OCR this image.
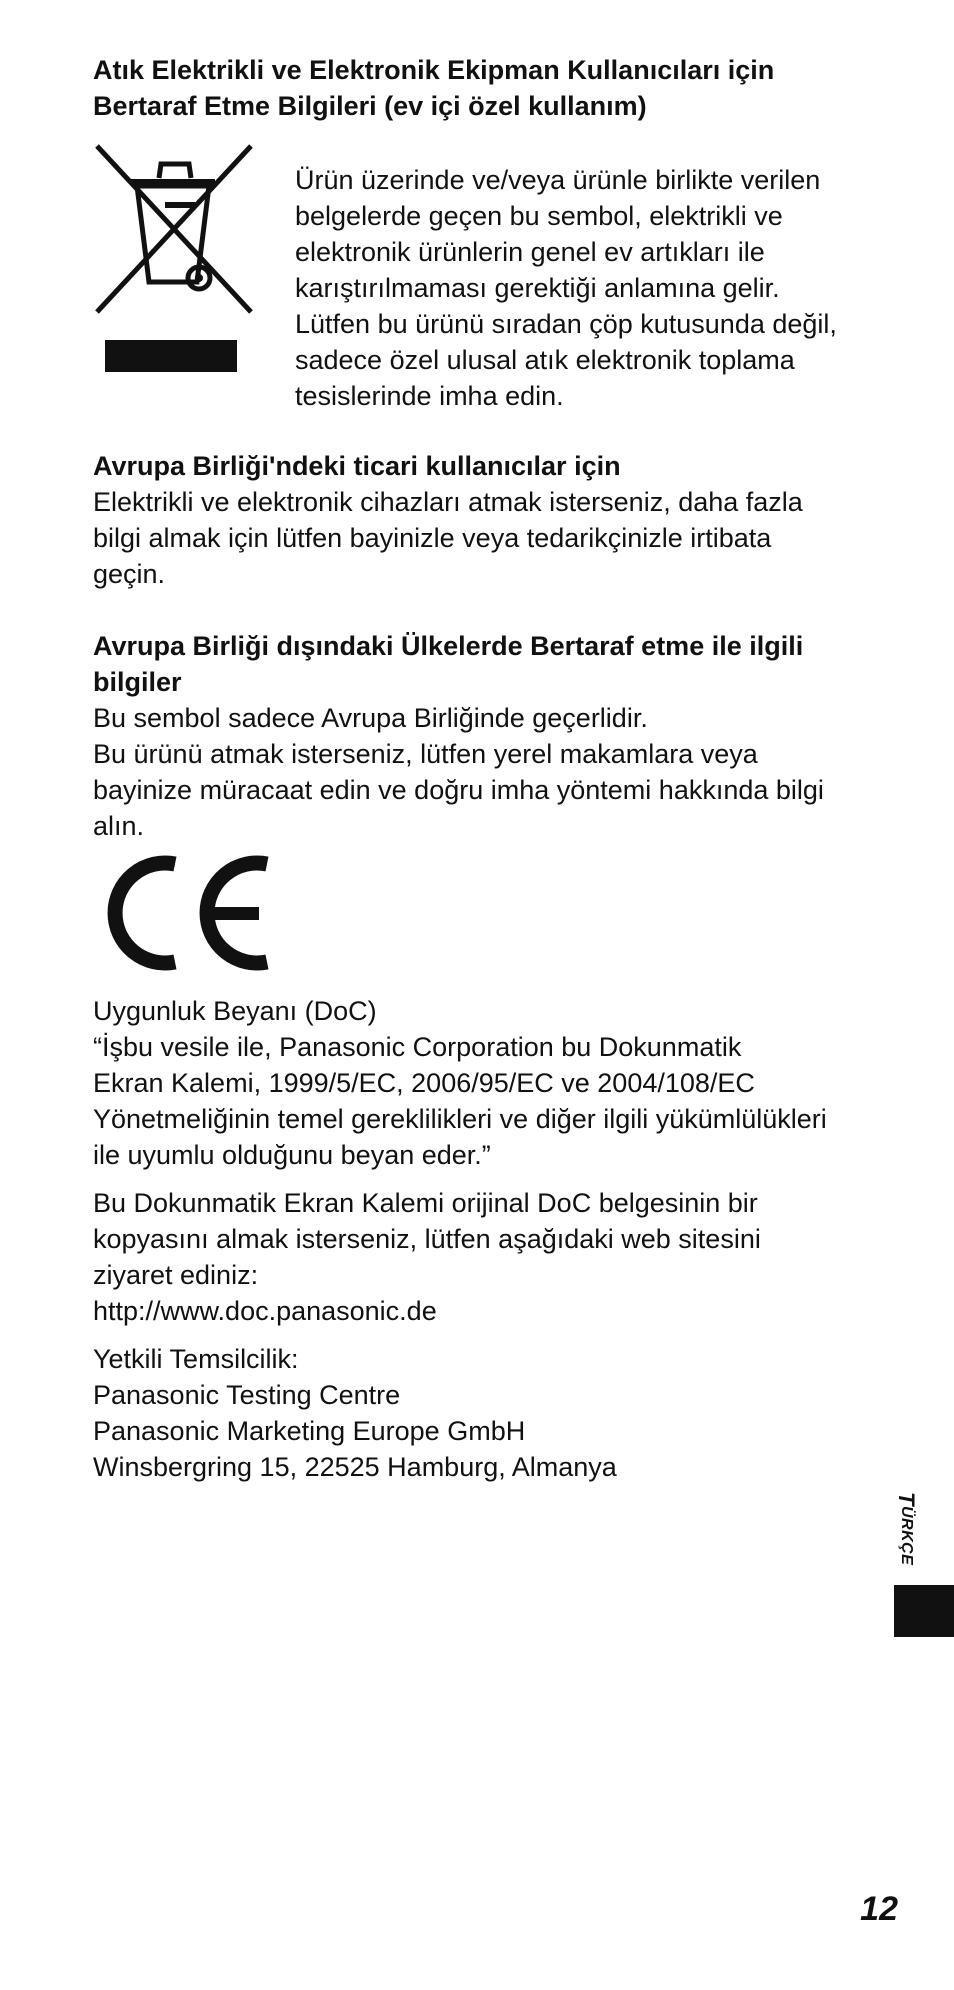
Atık Elektrikli ve Elektronik Ekipman Kullanıcıları için

Bertaraf Etme Bilgileri (ev içi özel kullanım)

Ürün üzerinde ve/veya ürünle birlikte verilen

belgelerde geçen bu sembol, elektrikli ve

elektronik ürünlerin genel ev artıkları ile

karıştırılmaması gerektiği anlamına gelir.

Lütfen bu ürünü sıradan çöp kutusunda değil,

sadece özel ulusal atık elektronik toplama

tesislerinde imha edin.

Avrupa Birliği'ndeki ticari kullanıcılar için

Elektrikli ve elektronik cihazları atmak isterseniz, daha fazla

bilgi almak için lütfen bayinizle veya tedarikçinizle irtibata

geçin.

Avrupa Birliği dışındaki Ülkelerde Bertaraf etme ile ilgili

bilgiler

Bu sembol sadece Avrupa Birliğinde geçerlidir.

Bu ürünü atmak isterseniz, lütfen yerel makamlara veya

bayinize müracaat edin ve doğru imha yöntemi hakkında bilgi

alın.

Uygunluk Beyanı (DoC)

“İşbu vesile ile, Panasonic Corporation bu Dokunmatik

Ekran Kalemi, 1999/5/EC, 2006/95/EC ve 2004/108/EC

Yönetmeliğinin temel gereklilikleri ve diğer ilgili yükümlülükleri

ile uyumlu olduğunu beyan eder.”

Bu Dokunmatik Ekran Kalemi orijinal DoC belgesinin bir

kopyasını almak isterseniz, lütfen aşağıdaki web sitesini

ziyaret ediniz:

http://www.doc.panasonic.de

Yetkili Temsilcilik:

Panasonic Testing Centre

Panasonic Marketing Europe GmbH

Winsbergring 15, 22525 Hamburg, Almanya

TÜRKÇE
12
